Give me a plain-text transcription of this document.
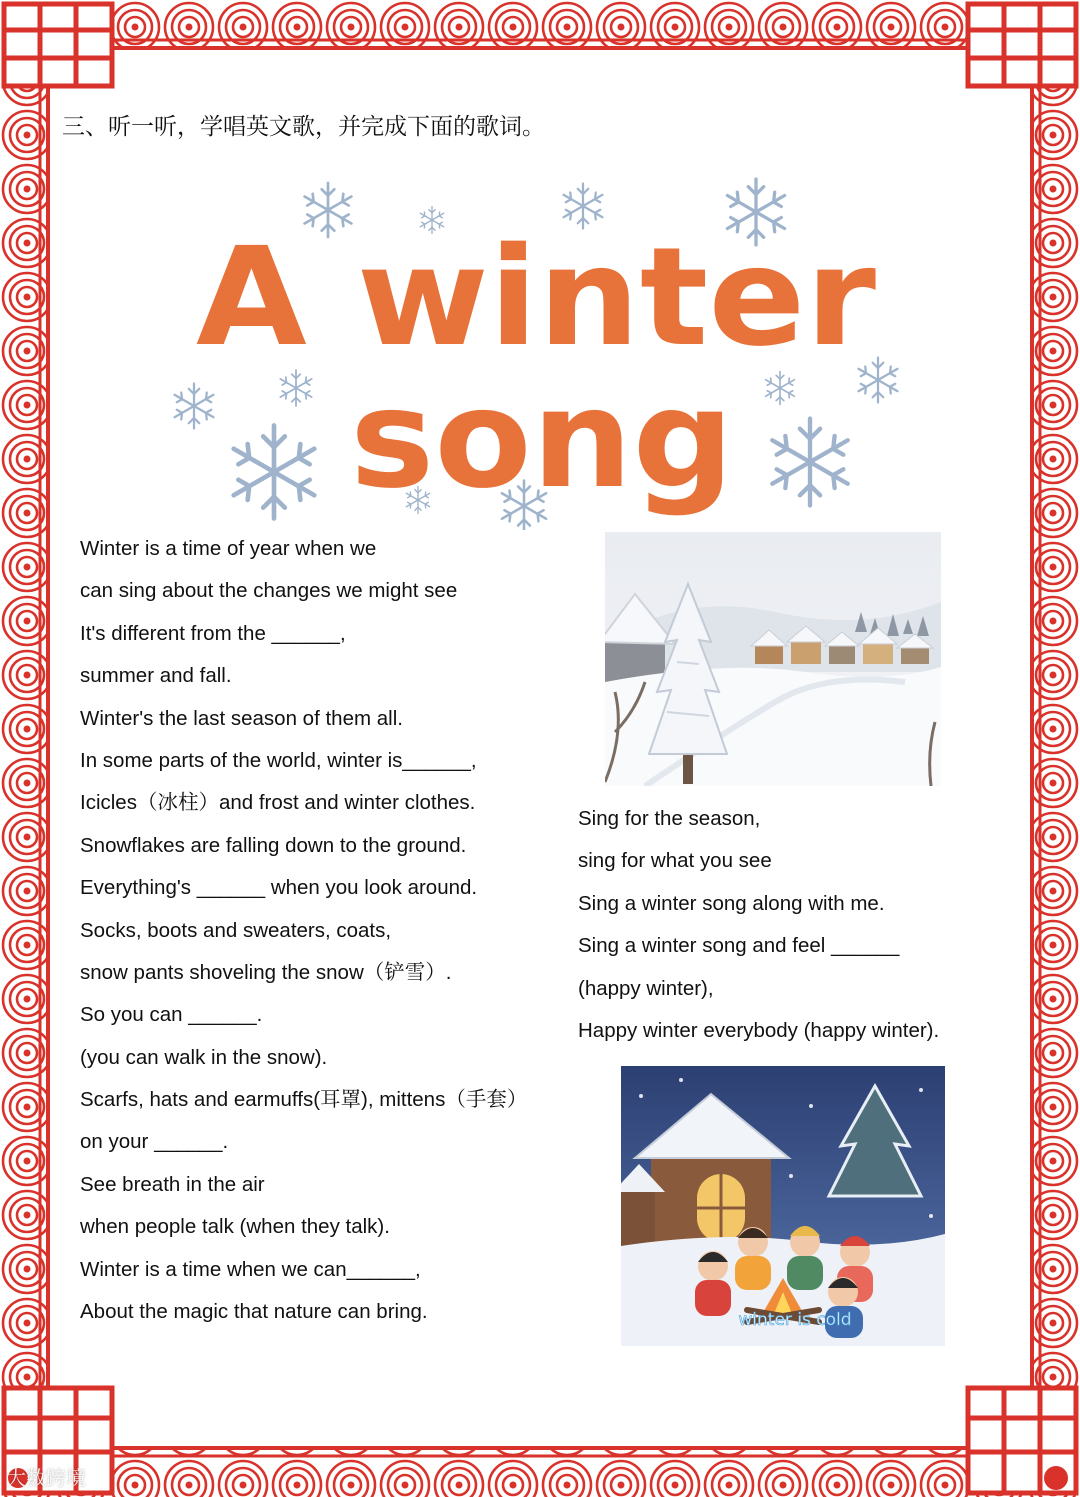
三、听一听，学唱英文歌，并完成下面的歌词。
A winter
song
Winter is a time of year when we
can sing about the changes we might see
It's different from the ______,
summer and fall.
Winter's the last season of them all.
In some parts of the world, winter is______,
Icicles（冰柱）and frost and winter clothes.
Snowflakes are falling down to the ground.
Everything's ______ when you look around.
Socks, boots and sweaters, coats,
snow pants shoveling the snow（铲雪）.
So you can ______.
(you can walk in the snow).
Scarfs, hats and earmuffs(耳罩), mittens（手套）
on your ______.
See breath in the air
when people talk (when they talk).
Winter is a time when we can______,
About the magic that nature can bring.
Sing for the season,
sing for what you see
Sing a winter song along with me.
Sing a winter song and feel ______
(happy winter),
Happy winter everybody (happy winter).
winter is cold
大数跨境
